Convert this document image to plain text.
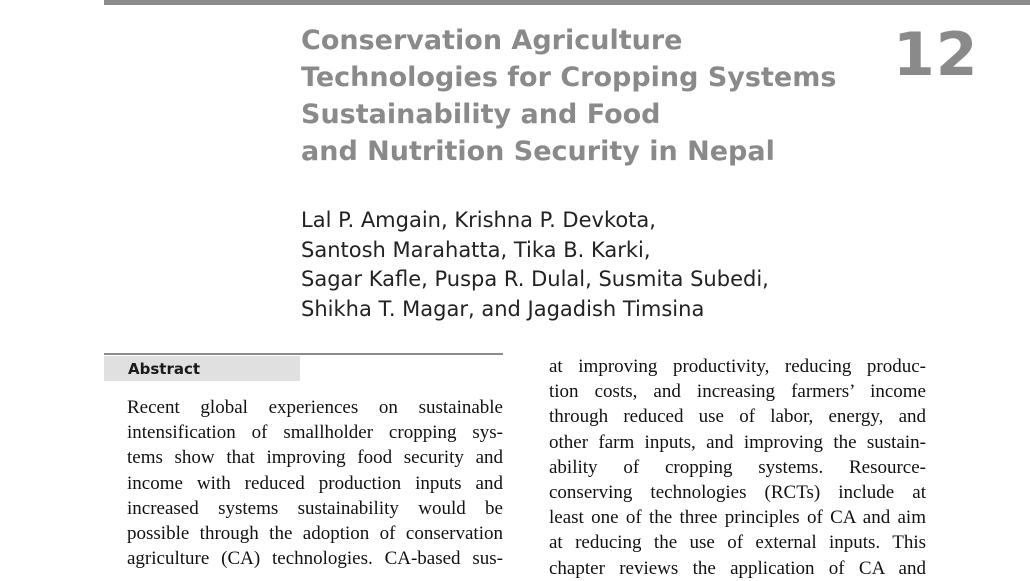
Conservation Agriculture
Technologies for Cropping Systems
Sustainability and Food
and Nutrition Security in Nepal
12
Lal P. Amgain, Krishna P. Devkota,
Santosh Marahatta, Tika B. Karki,
Sagar Kafle, Puspa R. Dulal, Susmita Subedi,
Shikha T. Magar, and Jagadish Timsina
Abstract
Recent global experiences on sustainable
intensification of smallholder cropping sys-
tems show that improving food security and
income with reduced production inputs and
increased systems sustainability would be
possible through the adoption of conservation
agriculture (CA) technologies. CA-based sus-
at improving productivity, reducing produc-
tion costs, and increasing farmers’ income
through reduced use of labor, energy, and
other farm inputs, and improving the sustain-
ability of cropping systems. Resource-
conserving technologies (RCTs) include at
least one of the three principles of CA and aim
at reducing the use of external inputs. This
chapter reviews the application of CA and
